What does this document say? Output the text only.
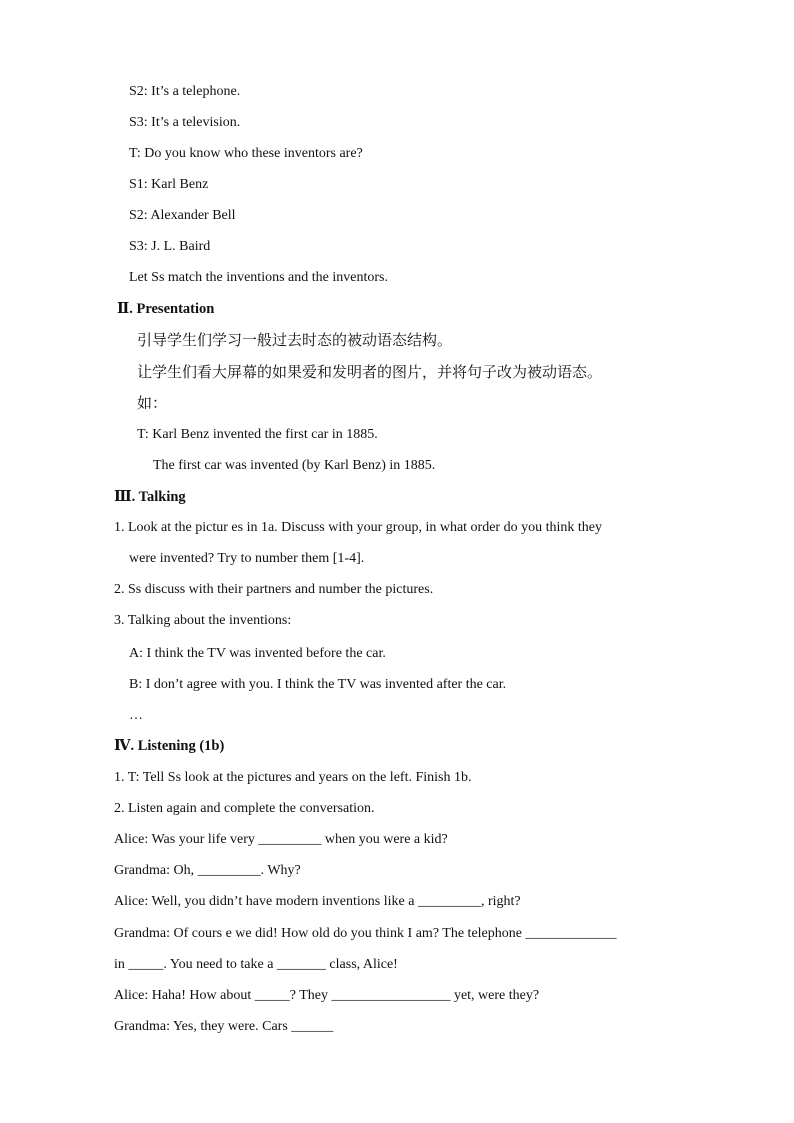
S2: It’s a telephone.
S3: It’s a television.
T: Do you know who these inventors are?
S1: Karl Benz
S2: Alexander Bell
S3: J. L. Baird
Let Ss match the inventions and the inventors.
Ⅱ. Presentation
引导学生们学习一般过去时态的被动语态结构。
让学生们看大屏幕的如果爱和发明者的图片，并将句子改为被动语态。
如：
T: Karl Benz invented the first car in 1885.
The first car was invented (by Karl Benz) in 1885.
Ⅲ. Talking
1. Look at the pictur es in 1a. Discuss with your group, in what order do you think they
were invented? Try to number them [1-4].
2. Ss discuss with their partners and number the pictures.
3. Talking about the inventions:
A: I think the TV was invented before the car.
B: I don’t agree with you. I think the TV was invented after the car.
…
Ⅳ. Listening (1b)
1. T: Tell Ss look at the pictures and years on the left. Finish 1b.
2. Listen again and complete the conversation.
Alice: Was your life very _________ when you were a kid?
Grandma: Oh, _________. Why?
Alice: Well, you didn’t have modern inventions like a _________, right?
Grandma: Of cours e we did! How old do you think I am? The telephone _____________
in _____. You need to take a _______ class, Alice!
Alice: Haha! How about _____? They _________________ yet, were they?
Grandma: Yes, they were. Cars ______
